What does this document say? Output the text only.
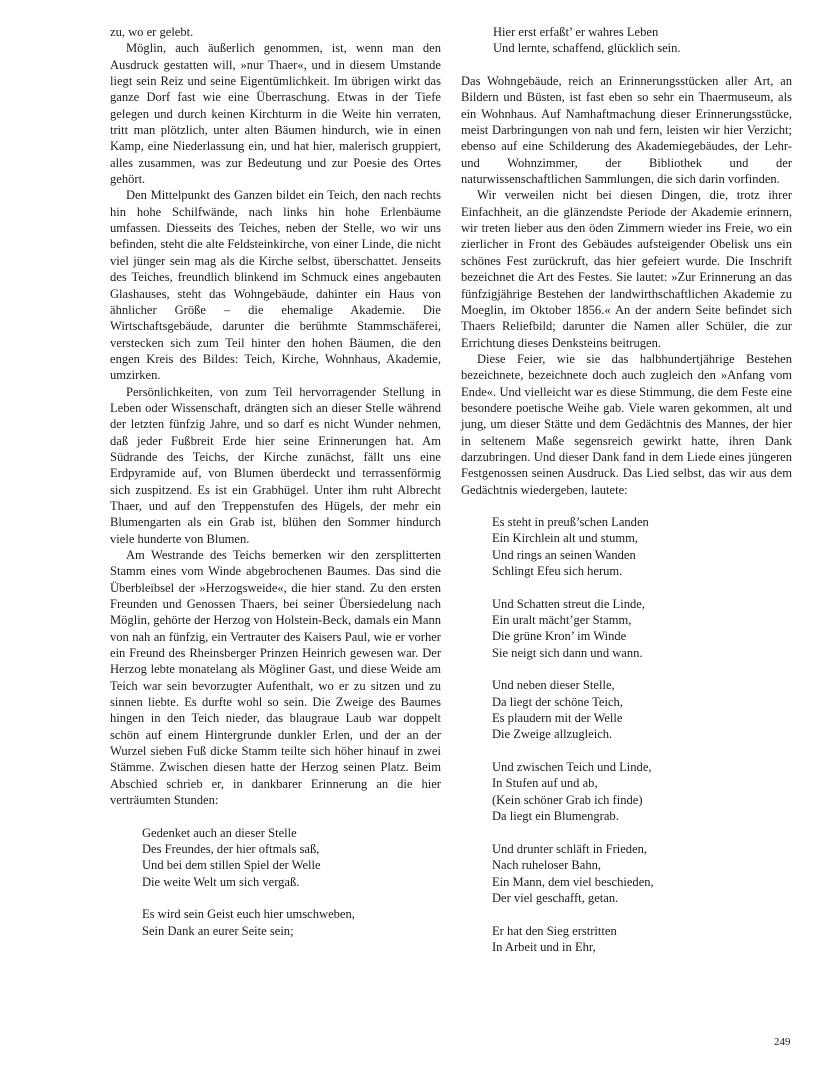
zu, wo er gelebt.

Möglin, auch äußerlich genommen, ist, wenn man den Ausdruck gestatten will, »nur Thaer«, und in diesem Umstande liegt sein Reiz und seine Eigentümlichkeit. Im übrigen wirkt das ganze Dorf fast wie eine Überraschung. Etwas in der Tiefe gelegen und durch keinen Kirchturm in die Weite hin verraten, tritt man plötzlich, unter alten Bäumen hindurch, wie in einen Kamp, eine Niederlassung ein, und hat hier, malerisch gruppiert, alles zusammen, was zur Bedeutung und zur Poesie des Ortes gehört.

Den Mittelpunkt des Ganzen bildet ein Teich, den nach rechts hin hohe Schilfwände, nach links hin hohe Erlenbäume umfassen. Diesseits des Teiches, neben der Stelle, wo wir uns befinden, steht die alte Feldsteinkirche, von einer Linde, die nicht viel jünger sein mag als die Kirche selbst, überschattet. Jenseits des Teiches, freundlich blinkend im Schmuck eines angebauten Glashauses, steht das Wohngebäude, dahinter ein Haus von ähnlicher Größe – die ehemalige Akademie. Die Wirtschaftsgebäude, darunter die berühmte Stammschäferei, verstecken sich zum Teil hinter den hohen Bäumen, die den engen Kreis des Bildes: Teich, Kirche, Wohnhaus, Akademie, umzirken.

Persönlichkeiten, von zum Teil hervorragender Stellung in Leben oder Wissenschaft, drängten sich an dieser Stelle während der letzten fünfzig Jahre, und so darf es nicht Wunder nehmen, daß jeder Fußbreit Erde hier seine Erinnerungen hat. Am Südrande des Teichs, der Kirche zunächst, fällt uns eine Erdpyramide auf, von Blumen überdeckt und terrassenförmig sich zuspitzend. Es ist ein Grabhügel. Unter ihm ruht Albrecht Thaer, und auf den Treppenstufen des Hügels, der mehr ein Blumengarten als ein Grab ist, blühen den Sommer hindurch viele hunderte von Blumen.

Am Westrande des Teichs bemerken wir den zersplitterten Stamm eines vom Winde abgebrochenen Baumes. Das sind die Überbleibsel der »Herzogsweide«, die hier stand. Zu den ersten Freunden und Genossen Thaers, bei seiner Übersiedelung nach Möglin, gehörte der Herzog von Holstein-Beck, damals ein Mann von nah an fünfzig, ein Vertrauter des Kaisers Paul, wie er vorher ein Freund des Rheinsberger Prinzen Heinrich gewesen war. Der Herzog lebte monatelang als Mögliner Gast, und diese Weide am Teich war sein bevorzugter Aufenthalt, wo er zu sitzen und zu sinnen liebte. Es durfte wohl so sein. Die Zweige des Baumes hingen in den Teich nieder, das blaugraue Laub war doppelt schön auf einem Hintergrunde dunkler Erlen, und der an der Wurzel sieben Fuß dicke Stamm teilte sich höher hinauf in zwei Stämme. Zwischen diesen hatte der Herzog seinen Platz. Beim Abschied schrieb er, in dankbarer Erinnerung an die hier verträumten Stunden:

Gedenket auch an dieser Stelle
Des Freundes, der hier oftmals saß,
Und bei dem stillen Spiel der Welle
Die weite Welt um sich vergaß.
Es wird sein Geist euch hier umschweben,
Sein Dank an eurer Seite sein;
Hier erst erfaßt’ er wahres Leben
Und lernte, schaffend, glücklich sein.

Das Wohngebäude, reich an Erinnerungsstücken aller Art, an Bildern und Büsten, ist fast eben so sehr ein Thaermuseum, als ein Wohnhaus. Auf Namhaftmachung dieser Erinnerungsstücke, meist Darbringungen von nah und fern, leisten wir hier Verzicht; ebenso auf eine Schilderung des Akademiegebäudes, der Lehr- und Wohnzimmer, der Bibliothek und der naturwissenschaftlichen Sammlungen, die sich darin vorfinden.

Wir verweilen nicht bei diesen Dingen, die, trotz ihrer Einfachheit, an die glänzendste Periode der Akademie erinnern, wir treten lieber aus den öden Zimmern wieder ins Freie, wo ein zierlicher in Front des Gebäudes aufsteigender Obelisk uns ein schönes Fest zurückruft, das hier gefeiert wurde. Die Inschrift bezeichnet die Art des Festes. Sie lautet: »Zur Erinnerung an das fünfzigjährige Bestehen der landwirthschaftlichen Akademie zu Moeglin, im Oktober 1856.« An der andern Seite befindet sich Thaers Reliefbild; darunter die Namen aller Schüler, die zur Errichtung dieses Denksteins beitrugen.

Diese Feier, wie sie das halbhundertjährige Bestehen bezeichnete, bezeichnete doch auch zugleich den »Anfang vom Ende«. Und vielleicht war es diese Stimmung, die dem Feste eine besondere poetische Weihe gab. Viele waren gekommen, alt und jung, um dieser Stätte und dem Gedächtnis des Mannes, der hier in seltenem Maße segensreich gewirkt hatte, ihren Dank darzubringen. Und dieser Dank fand in dem Liede eines jüngeren Festgenossen seinen Ausdruck. Das Lied selbst, das wir aus dem Gedächtnis wiedergeben, lautete:

Es steht in preuß’schen Landen
Ein Kirchlein alt und stumm,
Und rings an seinen Wanden
Schlingt Efeu sich herum.
Und Schatten streut die Linde,
Ein uralt mächt’ger Stamm,
Die grüne Kron’ im Winde
Sie neigt sich dann und wann.
Und neben dieser Stelle,
Da liegt der schöne Teich,
Es plaudern mit der Welle
Die Zweige allzugleich.
Und zwischen Teich und Linde,
In Stufen auf und ab,
(Kein schöner Grab ich finde)
Da liegt ein Blumengrab.
Und drunter schläft in Frieden,
Nach ruheloser Bahn,
Ein Mann, dem viel beschieden,
Der viel geschafft, getan.
Er hat den Sieg erstritten
In Arbeit und in Ehr,
249
